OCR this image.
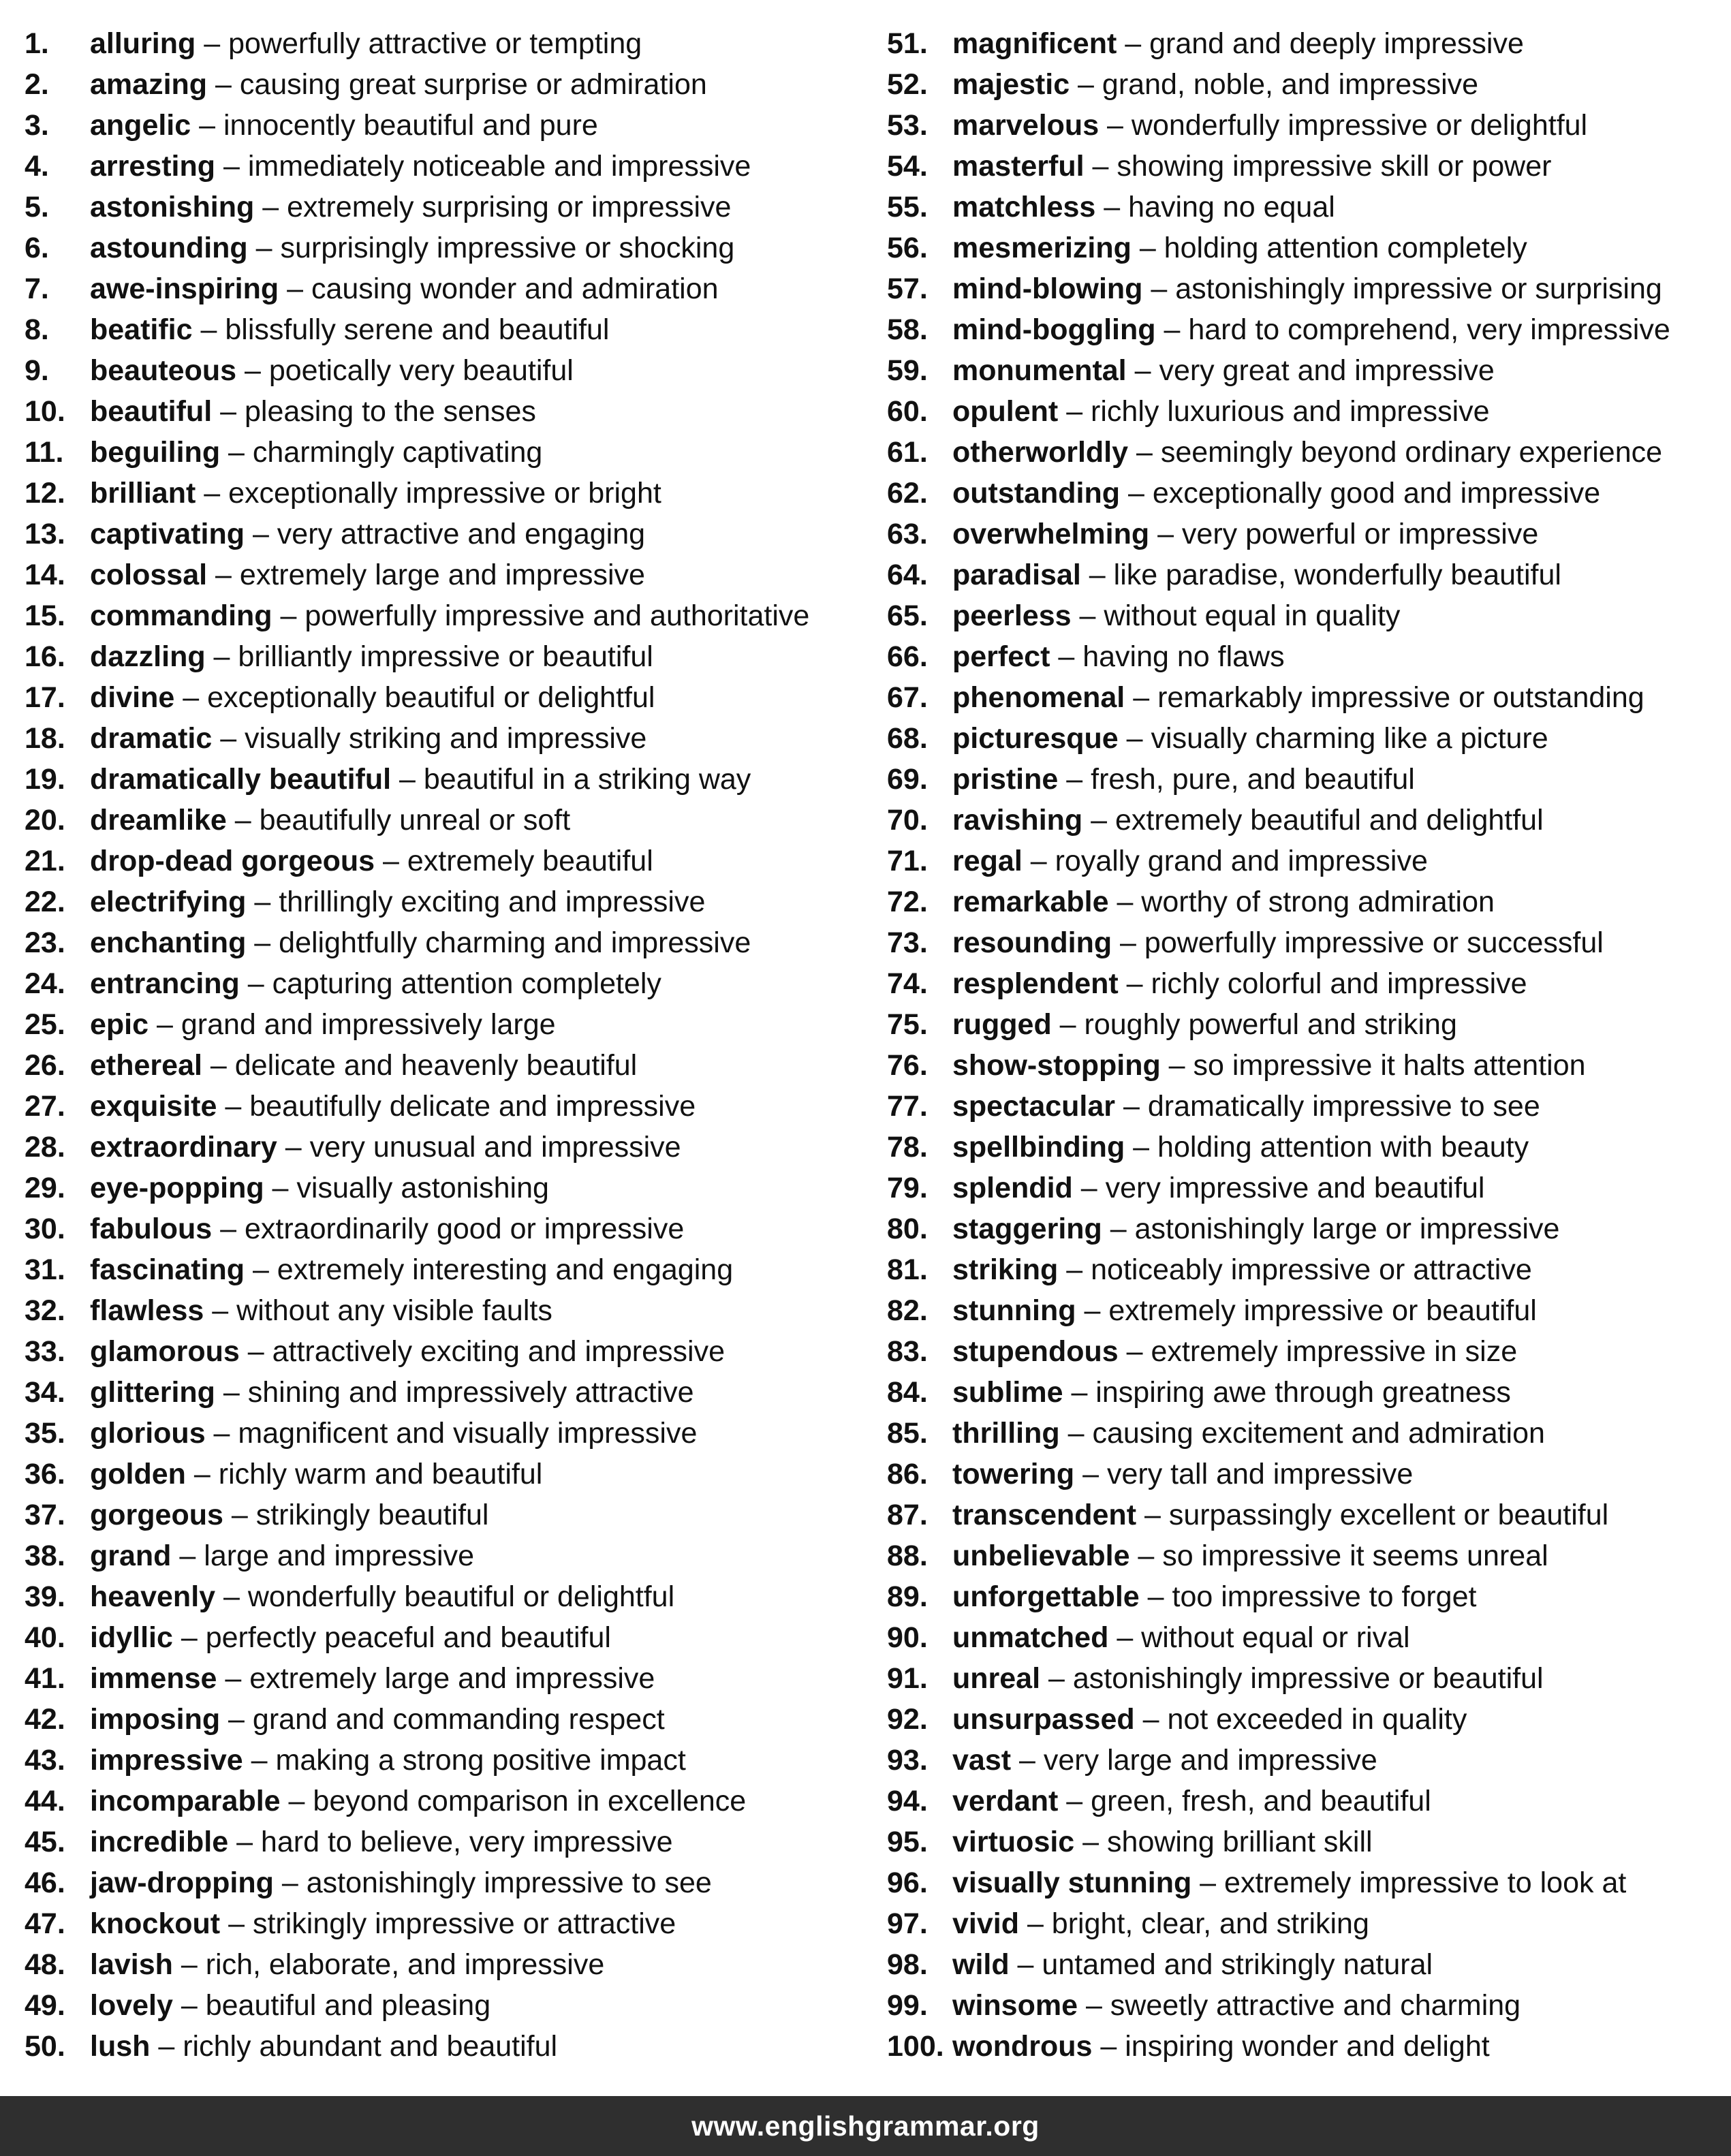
1. alluring – powerfully attractive or tempting
2. amazing – causing great surprise or admiration
3. angelic – innocently beautiful and pure
4. arresting – immediately noticeable and impressive
5. astonishing – extremely surprising or impressive
6. astounding – surprisingly impressive or shocking
7. awe-inspiring – causing wonder and admiration
8. beatific – blissfully serene and beautiful
9. beauteous – poetically very beautiful
10. beautiful – pleasing to the senses
11. beguiling – charmingly captivating
12. brilliant – exceptionally impressive or bright
13. captivating – very attractive and engaging
14. colossal – extremely large and impressive
15. commanding – powerfully impressive and authoritative
16. dazzling – brilliantly impressive or beautiful
17. divine – exceptionally beautiful or delightful
18. dramatic – visually striking and impressive
19. dramatically beautiful – beautiful in a striking way
20. dreamlike – beautifully unreal or soft
21. drop-dead gorgeous – extremely beautiful
22. electrifying – thrillingly exciting and impressive
23. enchanting – delightfully charming and impressive
24. entrancing – capturing attention completely
25. epic – grand and impressively large
26. ethereal – delicate and heavenly beautiful
27. exquisite – beautifully delicate and impressive
28. extraordinary – very unusual and impressive
29. eye-popping – visually astonishing
30. fabulous – extraordinarily good or impressive
31. fascinating – extremely interesting and engaging
32. flawless – without any visible faults
33. glamorous – attractively exciting and impressive
34. glittering – shining and impressively attractive
35. glorious – magnificent and visually impressive
36. golden – richly warm and beautiful
37. gorgeous – strikingly beautiful
38. grand – large and impressive
39. heavenly – wonderfully beautiful or delightful
40. idyllic – perfectly peaceful and beautiful
41. immense – extremely large and impressive
42. imposing – grand and commanding respect
43. impressive – making a strong positive impact
44. incomparable – beyond comparison in excellence
45. incredible – hard to believe, very impressive
46. jaw-dropping – astonishingly impressive to see
47. knockout – strikingly impressive or attractive
48. lavish – rich, elaborate, and impressive
49. lovely – beautiful and pleasing
50. lush – richly abundant and beautiful
51. magnificent – grand and deeply impressive
52. majestic – grand, noble, and impressive
53. marvelous – wonderfully impressive or delightful
54. masterful – showing impressive skill or power
55. matchless – having no equal
56. mesmerizing – holding attention completely
57. mind-blowing – astonishingly impressive or surprising
58. mind-boggling – hard to comprehend, very impressive
59. monumental – very great and impressive
60. opulent – richly luxurious and impressive
61. otherworldly – seemingly beyond ordinary experience
62. outstanding – exceptionally good and impressive
63. overwhelming – very powerful or impressive
64. paradisal – like paradise, wonderfully beautiful
65. peerless – without equal in quality
66. perfect – having no flaws
67. phenomenal – remarkably impressive or outstanding
68. picturesque – visually charming like a picture
69. pristine – fresh, pure, and beautiful
70. ravishing – extremely beautiful and delightful
71. regal – royally grand and impressive
72. remarkable – worthy of strong admiration
73. resounding – powerfully impressive or successful
74. resplendent – richly colorful and impressive
75. rugged – roughly powerful and striking
76. show-stopping – so impressive it halts attention
77. spectacular – dramatically impressive to see
78. spellbinding – holding attention with beauty
79. splendid – very impressive and beautiful
80. staggering – astonishingly large or impressive
81. striking – noticeably impressive or attractive
82. stunning – extremely impressive or beautiful
83. stupendous – extremely impressive in size
84. sublime – inspiring awe through greatness
85. thrilling – causing excitement and admiration
86. towering – very tall and impressive
87. transcendent – surpassingly excellent or beautiful
88. unbelievable – so impressive it seems unreal
89. unforgettable – too impressive to forget
90. unmatched – without equal or rival
91. unreal – astonishingly impressive or beautiful
92. unsurpassed – not exceeded in quality
93. vast – very large and impressive
94. verdant – green, fresh, and beautiful
95. virtuosic – showing brilliant skill
96. visually stunning – extremely impressive to look at
97. vivid – bright, clear, and striking
98. wild – untamed and strikingly natural
99. winsome – sweetly attractive and charming
100. wondrous – inspiring wonder and delight
www.englishgrammar.org
